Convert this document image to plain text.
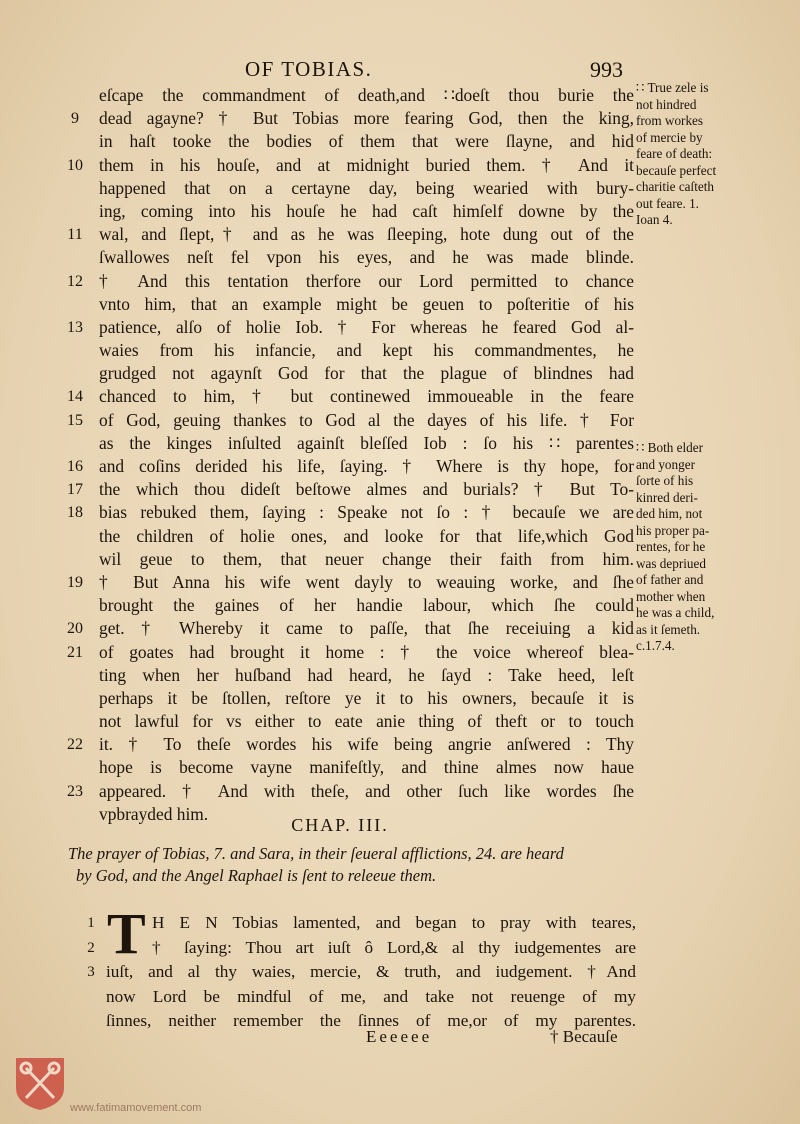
OF TOBIAS.	993
eſcape the commandment of death,and ∷doeſt thou burie the
9	dead agayne? † But Tobias more fearing God, then the king,
in haſt tooke the bodies of them that were ſlayne, and hid
10 them in his houſe, and at midnight buried them. † And it
happened that on a certayne day, being wearied with bury-
ing, coming into his houſe he had caſt himſelf downe by the
11 wal, and ſlept,† and as he was ſleeping, hote dung out of the
ſwallowes neſt fel vpon his eyes, and he was made blinde.
12 † And this tentation therfore our Lord permitted to chance
vnto him, that an example might be geuen to poſteritie of his
13 patience, alſo of holie Iob. † For whereas he feared God al-
waies from his infancie, and kept his commandmentes, he
grudged not agaynſt God for that the plague of blindnes had
14 chanced to him, † but continewed immoueable in the feare
15 of God, geuing thankes to God al the dayes of his life. † For
as the kinges inſulted againſt bleſſed Iob : ſo his ∷ parentes
16 and coſins derided his life, ſaying. † Where is thy hope, for
17 the which thou dideſt beſtowe almes and burials? † But To-
18 bias rebuked them, ſaying : Speake not ſo : † becauſe we are
the children of holie ones, and looke for that life,which God
wil geue to them, that neuer change their faith from him.
19 † But Anna his wife went dayly to weauing worke, and ſhe
brought the gaines of her handie labour, which ſhe could
20 get. † Whereby it came to paſſe, that ſhe receiuing a kid
21 of goates had brought it home : † the voice whereof blea-
ting when her huſband had heard, he ſayd : Take heed, leſt
perhaps it be ſtollen, reſtore ye it to his owners, becauſe it is
not lawful for vs either to eate anie thing of theft or to touch
22 it. † To theſe wordes his wife being angrie anſwered : Thy
hope is become vayne manifeſtly, and thine almes now haue
23 appeared. † And with theſe, and other ſuch like wordes ſhe
vpbrayded him.
CHAP. III.
The prayer of Tobias, 7. and Sara, in their ſeueral afflictions, 24. are heard
by God, and the Angel Raphael is ſent to releeue them.
T
1	H E N Tobias lamented, and began to pray with teares,
2	† ſaying: Thou art iuſt ô Lord,& al thy iudgementes are
3 iuſt, and al thy waies, mercie, & truth, and iudgement. †And
now Lord be mindful of me, and take not reuenge of my
ſinnes, neither remember the ſinnes of me,or of my parentes.
Eeeeee	† Becauſe
∷ True zele is
not hindred
from workes
of mercie by
feare of death:
becauſe perfect
charitie caſteth
out feare. 1.
Ioan 4.
∷ Both elder
and yonger
ſorte of his
kinred deri-
ded him, not
his proper pa-
rentes, for he
was depriued
of father and
mother when
he was a child,
as it ſemeth.
c.1.7.4.
www.fatimamovement.com
